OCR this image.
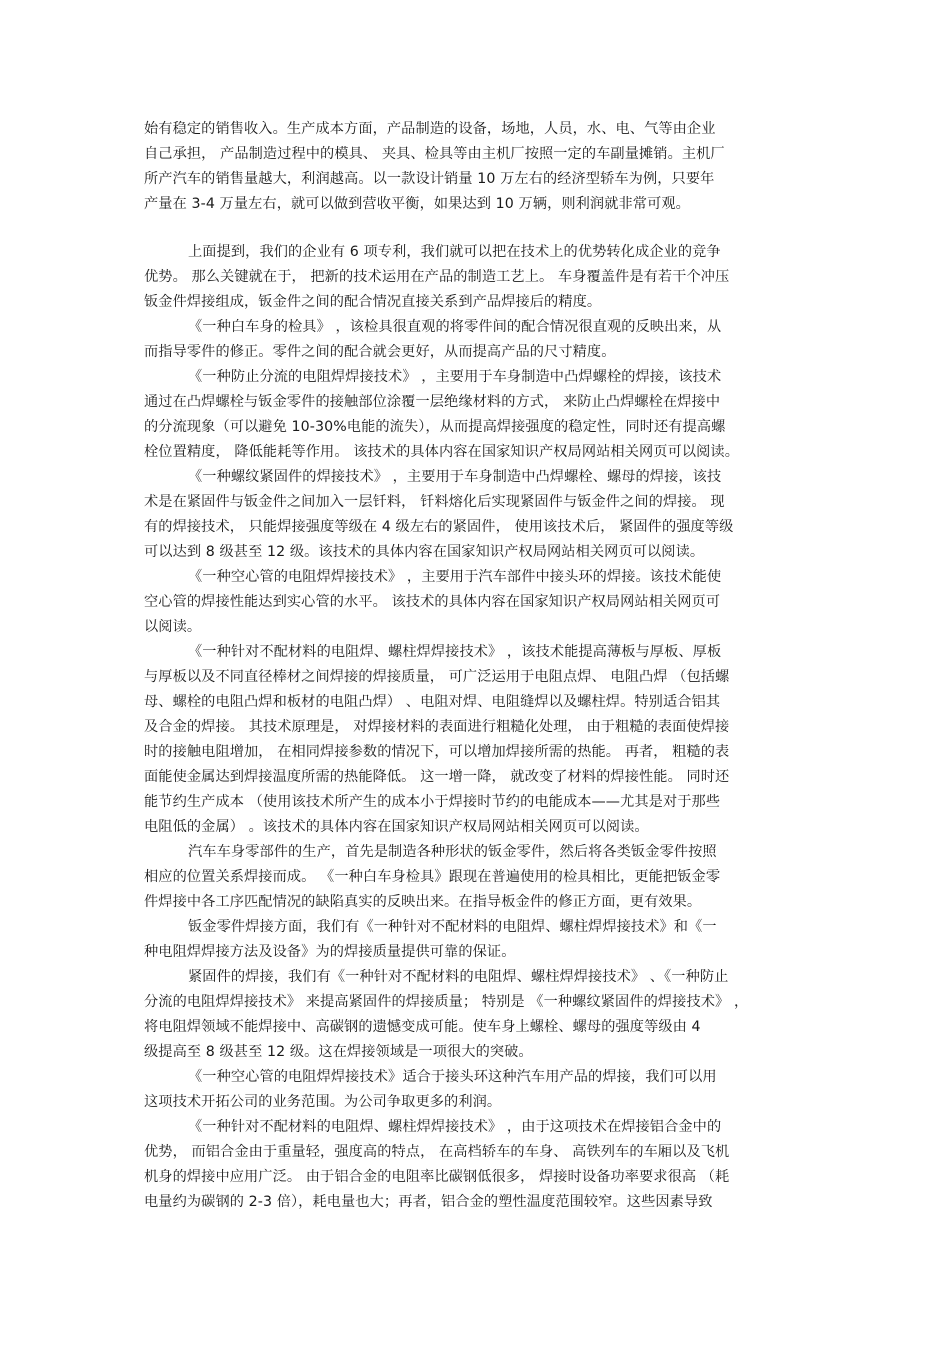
始有稳定的销售收入。生产成本方面，产品制造的设备，场地，人员，水、电、气等由企业
自己承担， 产品制造过程中的模具、 夹具、检具等由主机厂按照一定的车副量摊销。主机厂
所产汽车的销售量越大，利润越高。以一款设计销量 10 万左右的经济型轿车为例，只要年
产量在 3-4 万量左右，就可以做到营收平衡，如果达到 10 万辆，则利润就非常可观。
上面提到，我们的企业有 6 项专利，我们就可以把在技术上的优势转化成企业的竞争
优势。 那么关键就在于， 把新的技术运用在产品的制造工艺上。 车身覆盖件是有若干个冲压
钣金件焊接组成，钣金件之间的配合情况直接关系到产品焊接后的精度。
《一种白车身的检具》 ，该检具很直观的将零件间的配合情况很直观的反映出来，从
而指导零件的修正。零件之间的配合就会更好，从而提高产品的尺寸精度。
《一种防止分流的电阻焊焊接技术》 ，主要用于车身制造中凸焊螺栓的焊接，该技术
通过在凸焊螺栓与钣金零件的接触部位涂覆一层绝缘材料的方式， 来防止凸焊螺栓在焊接中
的分流现象（可以避免 10-30%电能的流失），从而提高焊接强度的稳定性，同时还有提高螺
栓位置精度， 降低能耗等作用。 该技术的具体内容在国家知识产权局网站相关网页可以阅读。
《一种螺纹紧固件的焊接技术》 ，主要用于车身制造中凸焊螺栓、螺母的焊接，该技
术是在紧固件与钣金件之间加入一层钎料， 钎料熔化后实现紧固件与钣金件之间的焊接。 现
有的焊接技术， 只能焊接强度等级在 4 级左右的紧固件， 使用该技术后， 紧固件的强度等级
可以达到 8 级甚至 12 级。该技术的具体内容在国家知识产权局网站相关网页可以阅读。
《一种空心管的电阻焊焊接技术》 ，主要用于汽车部件中接头环的焊接。该技术能使
空心管的焊接性能达到实心管的水平。 该技术的具体内容在国家知识产权局网站相关网页可
以阅读。
《一种针对不配材料的电阻焊、螺柱焊焊接技术》 ，该技术能提高薄板与厚板、厚板
与厚板以及不同直径棒材之间焊接的焊接质量， 可广泛运用于电阻点焊、 电阻凸焊 （包括螺
母、螺栓的电阻凸焊和板材的电阻凸焊） 、电阻对焊、电阻缝焊以及螺柱焊。特别适合铝其
及合金的焊接。 其技术原理是， 对焊接材料的表面进行粗糙化处理， 由于粗糙的表面使焊接
时的接触电阻增加， 在相同焊接参数的情况下，可以增加焊接所需的热能。 再者， 粗糙的表
面能使金属达到焊接温度所需的热能降低。 这一增一降， 就改变了材料的焊接性能。 同时还
能节约生产成本 （使用该技术所产生的成本小于焊接时节约的电能成本——尤其是对于那些
电阻低的金属） 。该技术的具体内容在国家知识产权局网站相关网页可以阅读。
汽车车身零部件的生产，首先是制造各种形状的钣金零件，然后将各类钣金零件按照
相应的位置关系焊接而成。 《一种白车身检具》跟现在普遍使用的检具相比，更能把钣金零
件焊接中各工序匹配情况的缺陷真实的反映出来。在指导板金件的修正方面，更有效果。
钣金零件焊接方面，我们有《一种针对不配材料的电阻焊、螺柱焊焊接技术》和《一
种电阻焊焊接方法及设备》为的焊接质量提供可靠的保证。
紧固件的焊接，我们有《一种针对不配材料的电阻焊、螺柱焊焊接技术》 、《一种防止
分流的电阻焊焊接技术》 来提高紧固件的焊接质量； 特别是 《一种螺纹紧固件的焊接技术》 ，
将电阻焊领域不能焊接中、高碳钢的遗憾变成可能。使车身上螺栓、螺母的强度等级由 4
级提高至 8 级甚至 12 级。这在焊接领域是一项很大的突破。
《一种空心管的电阻焊焊接技术》适合于接头环这种汽车用产品的焊接，我们可以用
这项技术开拓公司的业务范围。为公司争取更多的利润。
《一种针对不配材料的电阻焊、螺柱焊焊接技术》 ，由于这项技术在焊接铝合金中的
优势， 而铝合金由于重量轻，强度高的特点， 在高档轿车的车身、 高铁列车的车厢以及飞机
机身的焊接中应用广泛。 由于铝合金的电阻率比碳钢低很多， 焊接时设备功率要求很高 （耗
电量约为碳钢的 2-3 倍），耗电量也大；再者，铝合金的塑性温度范围较窄。这些因素导致
